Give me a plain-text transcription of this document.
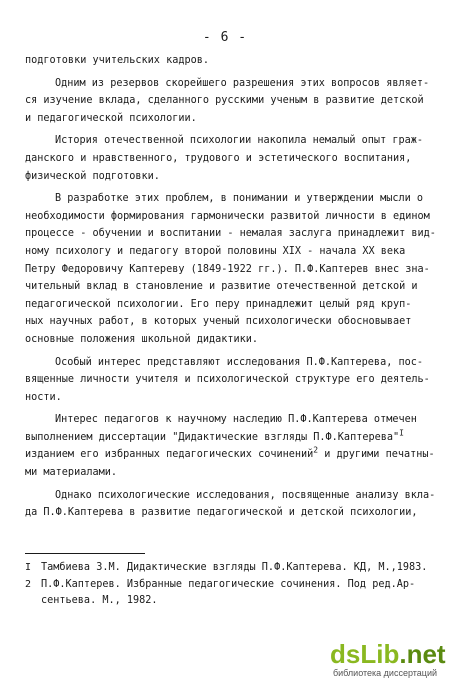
- 6 -
подготовки учительских кадров.
Одним из резервов скорейшего разрешения этих вопросов являет-
ся изучение вклада, сделанного русскими ученым в развитие детской
и педагогической психологии.
История отечественной психологии накопила немалый опыт граж-
данского и нравственного, трудового и эстетического воспитания,
физической подготовки.
В разработке этих проблем, в понимании и утверждении мысли о
необходимости формирования гармонически развитой личности в едином
процессе - обучении и воспитании - немалая заслуга принадлежит вид-
ному психологу и педагогу второй половины XIX - начала XX века
Петру Федоровичу Каптереву (1849-1922 гг.). П.Ф.Каптерев внес зна-
чительный вклад в становление и развитие отечественной детской и
педагогической психологии. Его перу принадлежит целый ряд круп-
ных научных работ, в которых ученый психологически обосновывает
основные положения школьной дидактики.
Особый интерес представляют исследования П.Ф.Каптерева, пос-
вященные личности учителя и психологической структуре его деятель-
ности.
Интерес педагогов к научному наследию П.Ф.Каптерева отмечен
выполнением диссертации "Дидактические взгляды П.Ф.Каптерева"$^I$
изданием его избранных педагогических сочинений$^2$ и другими печатны-
ми материалами.
Однако психологические исследования, посвященные анализу вкла-
да П.Ф.Каптерева в развитие педагогической и детской психологии,
I Тамбиева З.М. Дидактические взгляды П.Ф.Каптерева. КД, М.,1983.
2 П.Ф.Каптерев. Избранные педагогические сочинения. Под ред.Ар-
сентьева. М., 1982.
dsLib.net
библиотека диссертаций
